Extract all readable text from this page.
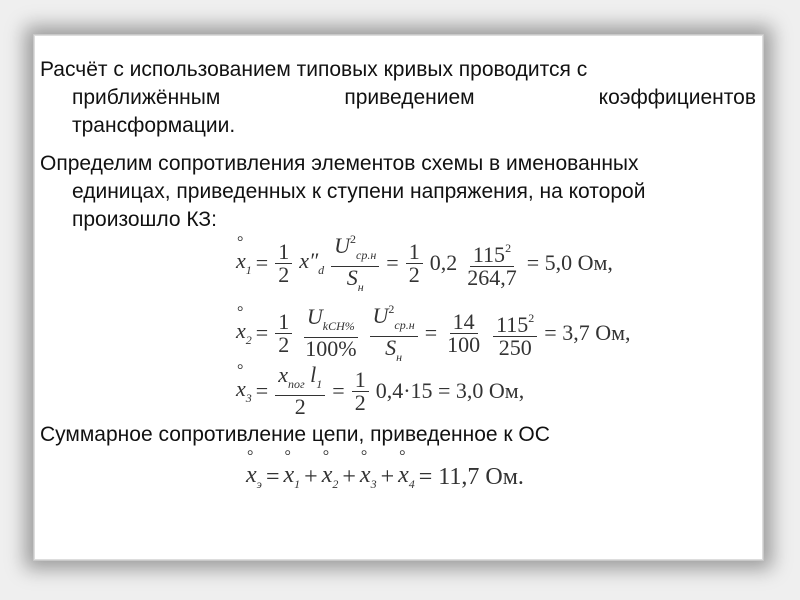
Расчёт с использованием типовых кривых проводится с

приближённым приведением коэффициентов
трансформации.
Определим сопротивления элементов схемы в именованных

единицах, приведенных к ступени напряжения, на которой
произошло КЗ:
° $x_1 = \frac{1}{2} x''_d \frac{U^2_{ср.н}}{S_н} = \frac{1}{2} 0,2 \frac{115^2}{264,7} = 5,0$ Ом,
° $x_2 = \frac{1}{2} \frac{U_{kCH\%}}{100\%} \frac{U^2_{ср.н}}{S_н} = \frac{14}{100} \frac{115^2}{250} = 3,7$ Ом,
° $x_3 = \frac{x_{пог} l_1}{2} = \frac{1}{2} 0,4\cdot 15 = 3,0$ Ом,
Суммарное сопротивление цепи, приведенное к ОС
° $x_э$ = ° $x_1$ + ° $x_2$ + ° $x_3$ + ° $x_4 = 11,7$ Ом.
